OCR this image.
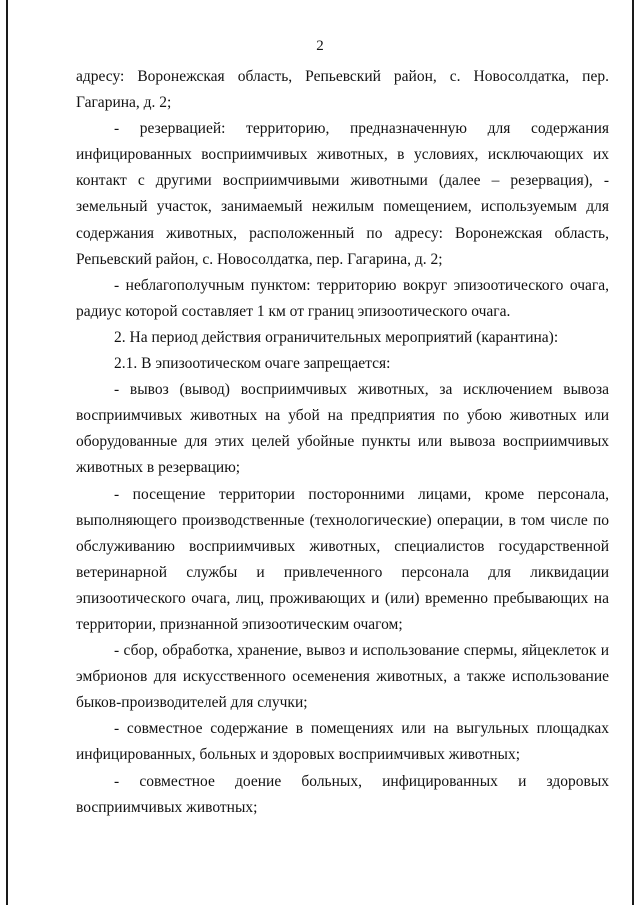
2

адресу: Воронежская область, Репьевский район, с. Новосолдатка, пер. Гагарина, д. 2;

- резервацией: территорию, предназначенную для содержания инфицированных восприимчивых животных, в условиях, исключающих их контакт с другими восприимчивыми животными (далее – резервация), - земельный участок, занимаемый нежилым помещением, используемым для содержания животных, расположенный по адресу: Воронежская область, Репьевский район, с. Новосолдатка, пер. Гагарина, д. 2;

- неблагополучным пунктом: территорию вокруг эпизоотического очага, радиус которой составляет 1 км от границ эпизоотического очага.

2. На период действия ограничительных мероприятий (карантина):

2.1. В эпизоотическом очаге запрещается:

- вывоз (вывод) восприимчивых животных, за исключением вывоза восприимчивых животных на убой на предприятия по убою животных или оборудованные для этих целей убойные пункты или вывоза восприимчивых животных в резервацию;

- посещение территории посторонними лицами, кроме персонала, выполняющего производственные (технологические) операции, в том числе по обслуживанию восприимчивых животных, специалистов государственной ветеринарной службы и привлеченного персонала для ликвидации эпизоотического очага, лиц, проживающих и (или) временно пребывающих на территории, признанной эпизоотическим очагом;

- сбор, обработка, хранение, вывоз и использование спермы, яйцеклеток и эмбрионов для искусственного осеменения животных, а также использование быков-производителей для случки;

- совместное содержание в помещениях или на выгульных площадках инфицированных, больных и здоровых восприимчивых животных;

- совместное доение больных, инфицированных и здоровых восприимчивых животных;
